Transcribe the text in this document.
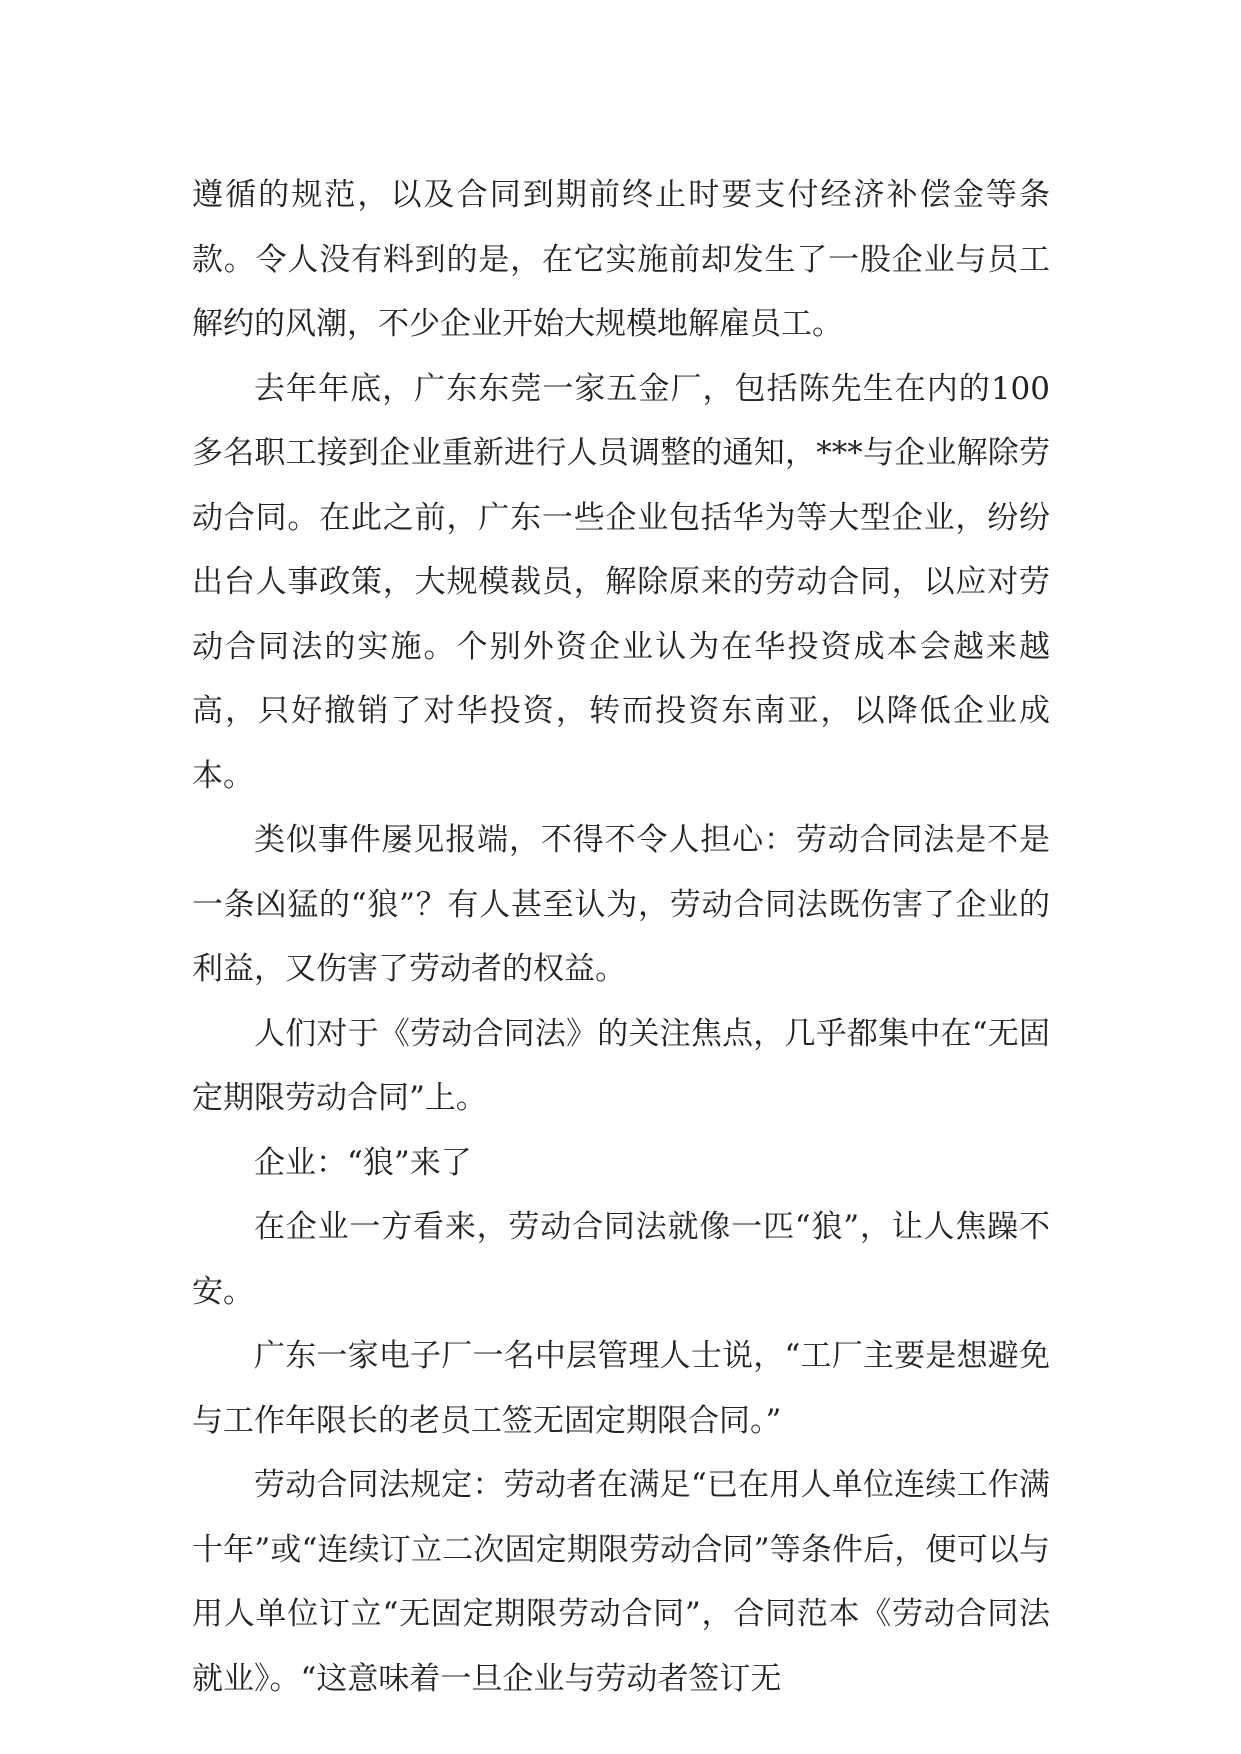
遵循的规范，以及合同到期前终止时要支付经济补偿金等条款。令人没有料到的是，在它实施前却发生了一股企业与员工解约的风潮，不少企业开始大规模地解雇员工。

去年年底，广东东莞一家五金厂，包括陈先生在内的100多名职工接到企业重新进行人员调整的通知，***与企业解除劳动合同。在此之前，广东一些企业包括华为等大型企业，纷纷出台人事政策，大规模裁员，解除原来的劳动合同，以应对劳动合同法的实施。个别外资企业认为在华投资成本会越来越高，只好撤销了对华投资，转而投资东南亚，以降低企业成本。

类似事件屡见报端，不得不令人担心：劳动合同法是不是一条凶猛的“狼”？有人甚至认为，劳动合同法既伤害了企业的利益，又伤害了劳动者的权益。

人们对于《劳动合同法》的关注焦点，几乎都集中在“无固定期限劳动合同”上。

企业：“狼”来了

在企业一方看来，劳动合同法就像一匹“狼”，让人焦躁不安。

广东一家电子厂一名中层管理人士说，“工厂主要是想避免与工作年限长的老员工签无固定期限合同。”

劳动合同法规定：劳动者在满足“已在用人单位连续工作满十年”或“连续订立二次固定期限劳动合同”等条件后，便可以与用人单位订立“无固定期限劳动合同”，合同范本《劳动合同法 就业》。“这意味着一旦企业与劳动者签订无
